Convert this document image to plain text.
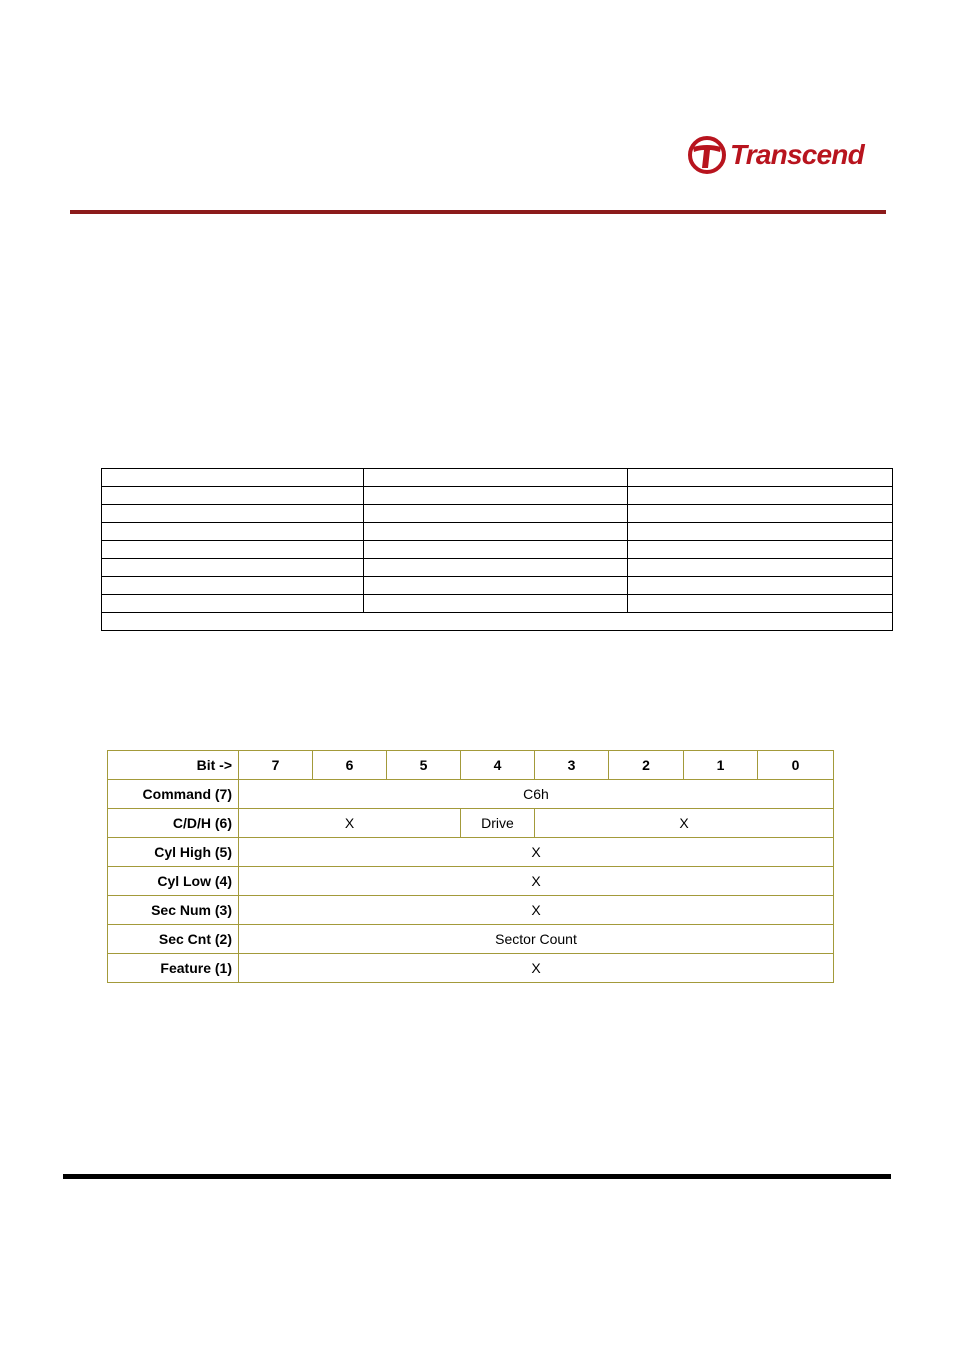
Transcend

Bit ->	7	6	5	4	3	2	1	0
Command (7)	C6h							
C/D/H (6)	X			Drive	X			
Cyl High (5)	X							
Cyl Low (4)	X							
Sec Num (3)	X							
Sec Cnt (2)	Sector Count							
Feature (1)	X							
